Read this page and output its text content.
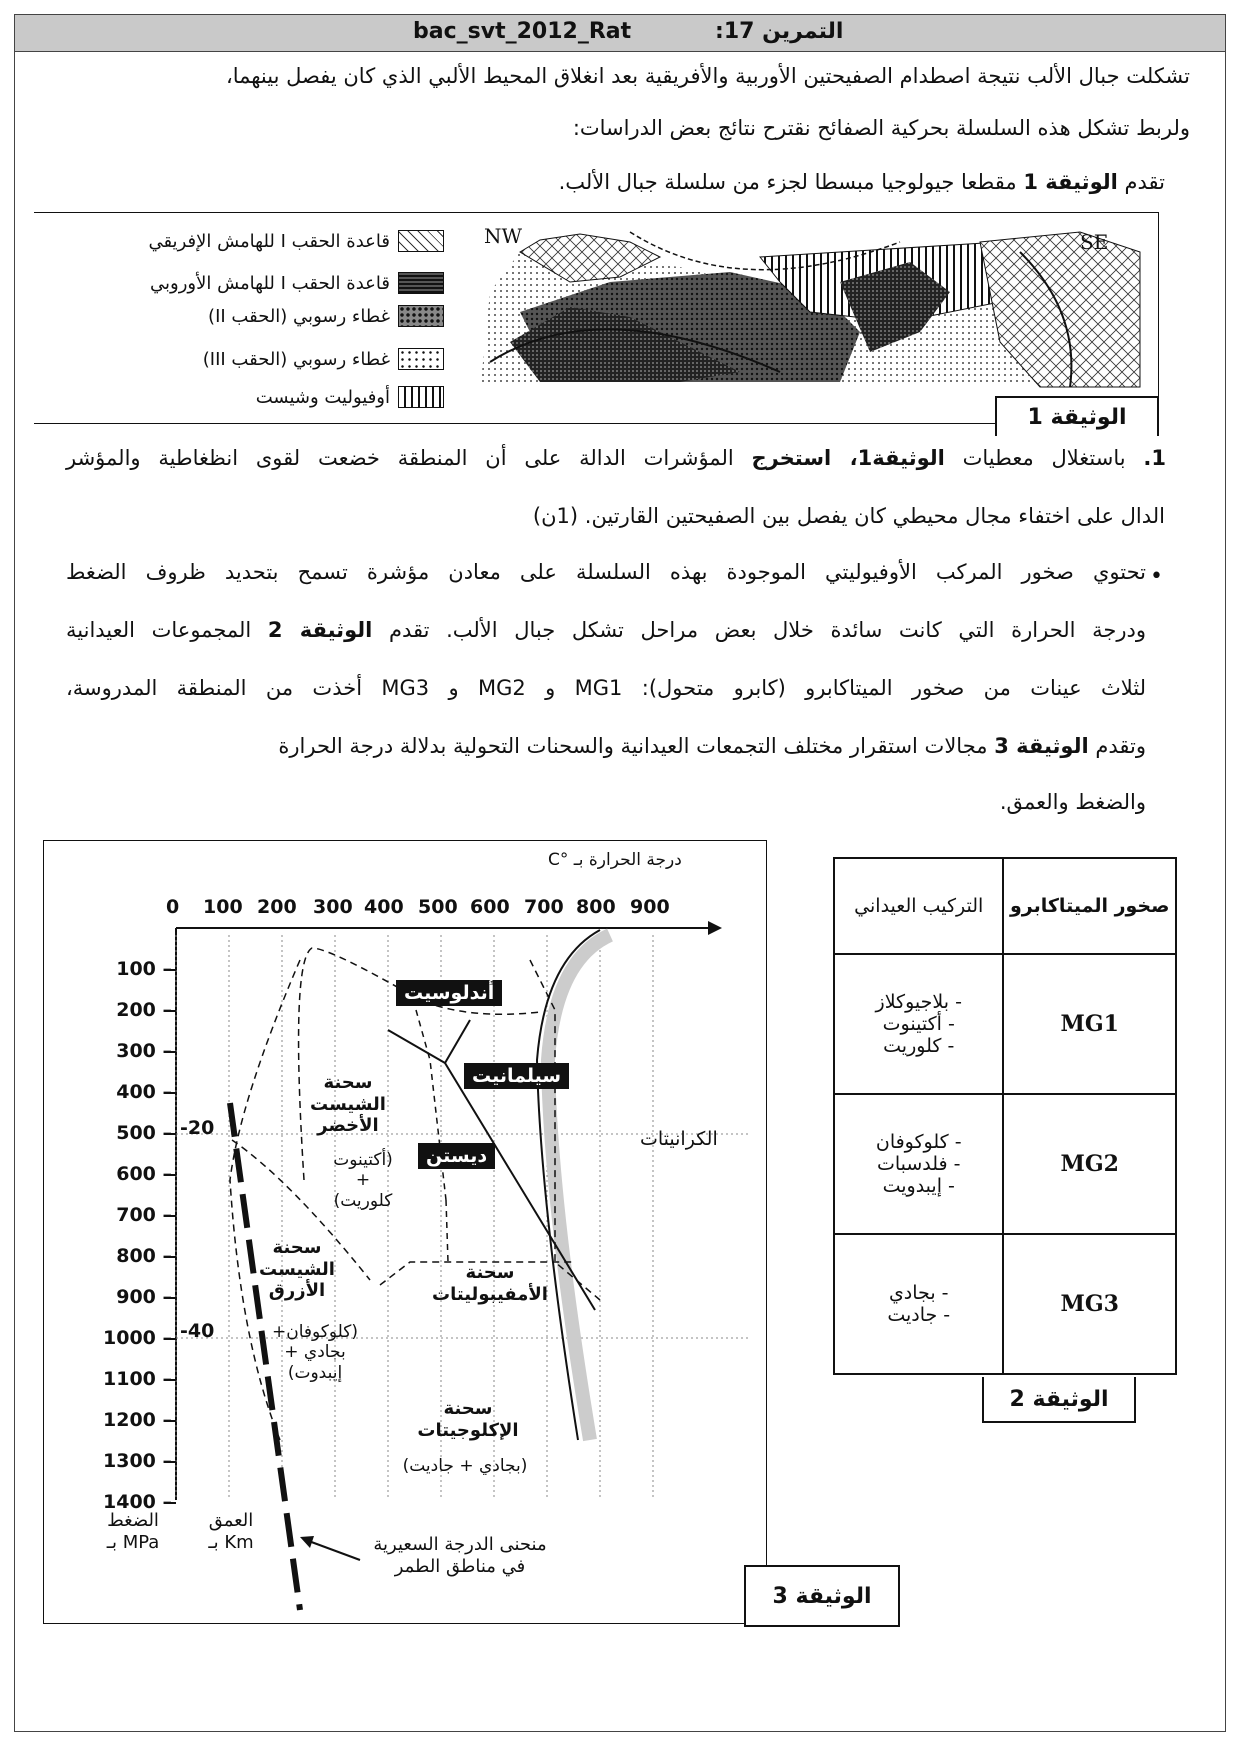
bac_svt_2012_Rat	التمرين 17:
تشكلت جبال الألب نتيجة اصطدام الصفيحتين الأوربية والأفريقية بعد انغلاق المحيط الألبي الذي كان يفصل بينهما،
ولربط تشكل هذه السلسلة بحركية الصفائح نقترح نتائج بعض الدراسات:
تقدم الوثيقة 1 مقطعا جيولوجيا مبسطا لجزء من سلسلة جبال الألب.
قاعدة الحقب I للهامش الإفريقي
قاعدة الحقب I للهامش الأوروبي
غطاء رسوبي (الحقب II)
غطاء رسوبي (الحقب III)
أوفيوليت وشيست
NW	SE
الوثيقة 1
1. باستغلال معطيات الوثيقة1، استخرج المؤشرات الدالة على أن المنطقة خضعت لقوى انظغاطية والمؤشر
الدال على اختفاء مجال محيطي كان يفصل بين الصفيحتين القارتين. (1ن)
•
تحتوي صخور المركب الأوفيوليتي الموجودة بهذه السلسلة على معادن مؤشرة تسمح بتحديد ظروف الضغط
ودرجة الحرارة التي كانت سائدة خلال بعض مراحل تشكل جبال الألب. تقدم الوثيقة 2 المجموعات العيدانية
لثلاث عينات من صخور الميتاكابرو (كابرو متحول): MG1 و MG2 و MG3 أخذت من المنطقة المدروسة،
وتقدم الوثيقة 3 مجالات استقرار مختلف التجمعات العيدانية والسحنات التحولية بدلالة درجة الحرارة
والضغط والعمق.
درجة الحرارة بـ °C
0 100 200 300 400 500 600 700 800 900
100 –
200 –
300 –
400 –
500 –
600 –
700 –
800 –
900 –
1000 –
1100 –
1200 –
1300 –
1400 –
-20
-40
أندلوسيت
سيلمانيت
ديستن
الكرانيتات
سحنة
الشيست
الأخضر
(أكتينوت
+
كلوريت)
سحنة
الشيست
الأزرق
(كلوكوفان+
بجادي +
إيبدوت)
سحنة
الأمفيبوليتات
سحنة
الإكلوجيتات
(بجادي + جاديت)
الضغط
بـ MPa
العمق
بـ Km	منحنى الدرجة السعيرية
في مناطق الطمر
الوثيقة 3
التركيب العيداني	صخور الميتاكابرو

- بلاجيوكلاز
- أكتينوت
- كلوريت	MG1

- كلوكوفان
- فلدسبات
- إيبدويت	MG2

- بجادي
- جاديت	MG3
الوثيقة 2
